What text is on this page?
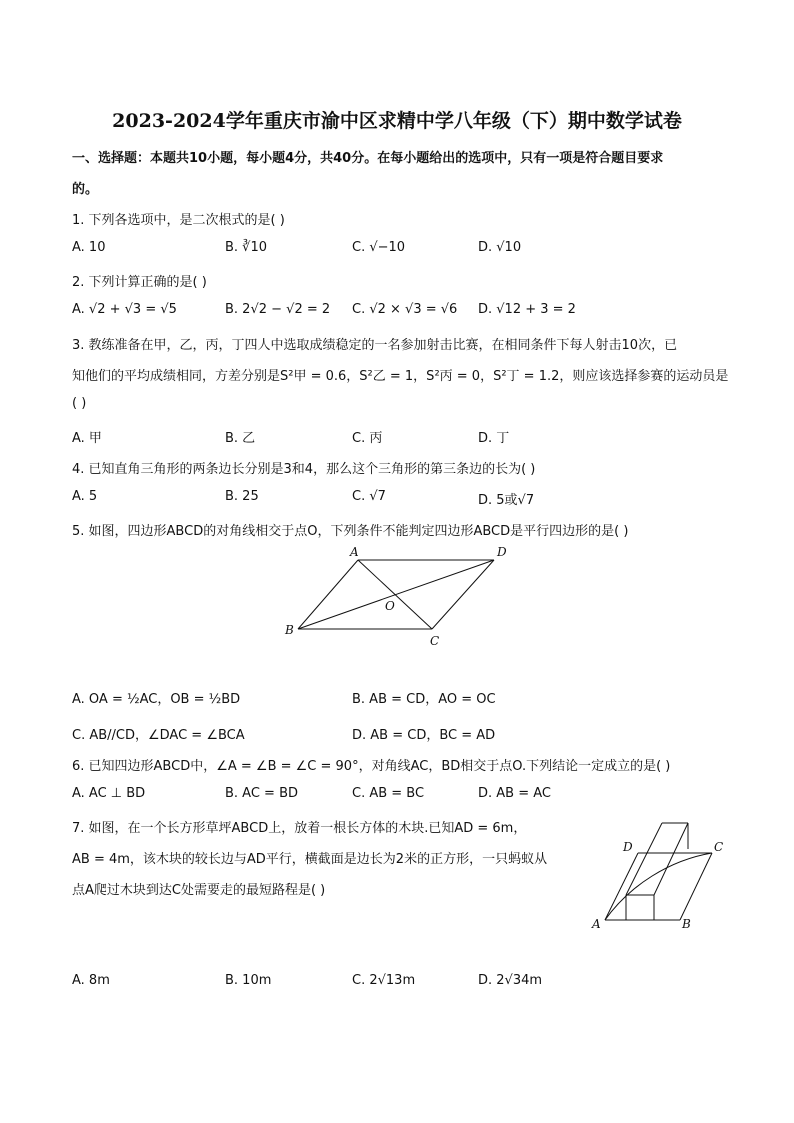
2023-2024学年重庆市渝中区求精中学八年级（下）期中数学试卷
一、选择题：本题共10小题，每小题4分，共40分。在每小题给出的选项中，只有一项是符合题目要求
的。
1. 下列各选项中，是二次根式的是( )
A. 10	B. ∛10	C. √−10	D. √10
2. 下列计算正确的是( )
A. √2 + √3 = √5	B. 2√2 − √2 = 2 C. √2 × √3 = √6 D. √12 + 3 = 2
3. 教练准备在甲，乙，丙，丁四人中选取成绩稳定的一名参加射击比赛，在相同条件下每人射击10次，已
知他们的平均成绩相同，方差分别是S²甲 = 0.6，S²乙 = 1，S²丙 = 0，S²丁 = 1.2，则应该选择参赛的运动员是
( )
A. 甲	B. 乙	C. 丙	D. 丁
4. 已知直角三角形的两条边长分别是3和4，那么这个三角形的第三条边的长为( )
A. 5	B. 25	C. √7	D. 5或√7
5. 如图，四边形ABCD的对角线相交于点O，下列条件不能判定四边形ABCD是平行四边形的是( )
A	D
B
C
O
A. OA = ½AC，OB = ½BD	B. AB = CD，AO = OC
C. AB//CD，∠DAC = ∠BCA	D. AB = CD，BC = AD
6. 已知四边形ABCD中，∠A = ∠B = ∠C = 90°，对角线AC，BD相交于点O.下列结论一定成立的是( )
A. AC ⊥ BD	B. AC = BD	C. AB = BC	D. AB = AC
7. 如图，在一个长方形草坪ABCD上，放着一根长方体的木块.已知AD = 6m，
AB = 4m，该木块的较长边与AD平行，横截面是边长为2米的正方形，一只蚂蚁从
点A爬过木块到达C处需要走的最短路程是( )
A	B
C
D
A. 8m	B. 10m	C. 2√13m	D. 2√34m
